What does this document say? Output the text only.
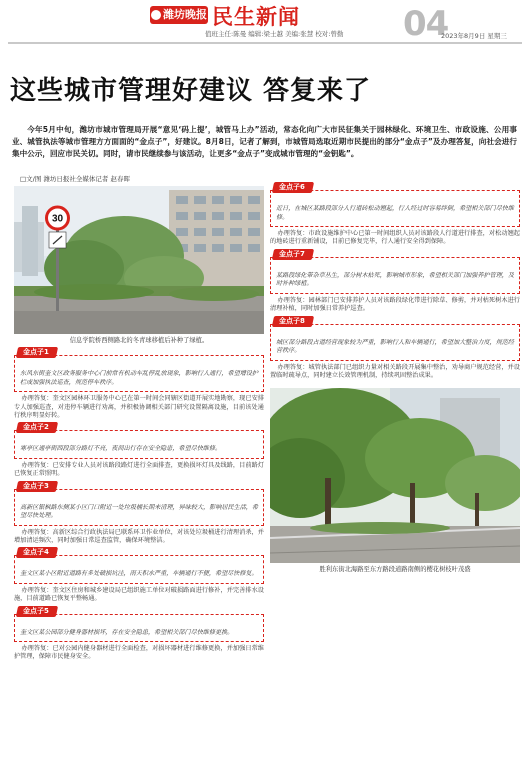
潍坊晚报 民生新闻
值班主任:陈曼 编辑:梁士越 美编:张慧 校对:曾勤 04
2023年8月9日 星期三
这些城市管理好建议 答复来了
今年5月中旬，潍坊市城市管理局开展“意见‘码上提’，城管马上办”活动，常态化向广大市民征集关于园林绿化、环境卫生、市政设施、公用事业、城管执法等城市管理方方面面的“金点子”，好建议。8月8日，记者了解到，市城管局选取近期市民提出的部分“金点子”及办理答复，向社会进行集中公示，回应市民关切。同时，请市民继续参与该活动，让更多“金点子”变成城市管理的“金钥匙”。
□文/图 潍坊日报社全媒体记者 赵春晖
30
信息学院桥西侧路北的冬青球移植后补种了绿植。
金点子1
东风东街奎文区政务服务中心门前常有机动车乱停乱放现象，影响行人通行，希望增设护栏或加强执法巡查，规范停车秩序。
办理答复：奎文区园林环卫服务中心已在第一时间会同辖区街道开展实地勘察，现已安排专人加强巡查，对违停车辆进行劝离，并积极协调相关部门研究设置隔离设施，目前该处通行秩序明显好转。
金点子2
寒亭区通亭街西段部分路灯不亮，夜间出行存在安全隐患，希望尽快维修。
办理答复：已安排专业人员对该路段路灯进行全面排查，更换损坏灯具及线路，目前路灯已恢复正常照明。
金点子3
高新区银枫路东侧某小区门口附近一处垃圾桶长期未清理，异味较大，影响居民生活，希望尽快处理。
办理答复：高新区综合行政执法局已联系环卫作业单位，对该处垃圾桶进行清理消杀，并增加清运频次，同时加强日常巡查监管，确保环境整洁。
金点子4
奎文区某小区附近道路有多处破损坑洼，雨天积水严重，车辆通行不便，希望尽快修复。
办理答复：奎文区住房和城乡建设局已组织施工单位对破损路面进行修补，并完善排水设施，目前道路已恢复平整畅通。
金点子5
奎文区某公园部分健身器材损坏，存在安全隐患，希望相关部门尽快维修更换。
办理答复：已对公园内健身器材进行全面检查，对损坏器材进行维修更换，并加强日常维护管理，保障市民健身安全。
金点子6
近日，在城区某路段部分人行道砖松动翘起，行人经过时容易绊倒，希望相关部门尽快维修。
办理答复：市政设施维护中心已第一时间组织人员对该路段人行道进行排查，对松动翘起的地砖进行重新铺设，目前已修复完毕，行人通行安全得到保障。
金点子7
某路段绿化带杂草丛生，部分树木枯死，影响城市形象，希望相关部门加强养护管理，及时补种绿植。
办理答复：园林部门已安排养护人员对该路段绿化带进行除草、修剪，并对枯死树木进行清理补植，同时加强日常养护巡查。
金点子8
城区部分路段占道经营现象较为严重，影响行人和车辆通行，希望加大整治力度，规范经营秩序。
办理答复：城管执法部门已组织力量对相关路段开展集中整治，劝导商户规范经营，并设置临时疏导点，同时建立长效管理机制，持续巩固整治成果。
胜利东街北海路至东方路段道路南侧的樱花树枝叶茂盛
